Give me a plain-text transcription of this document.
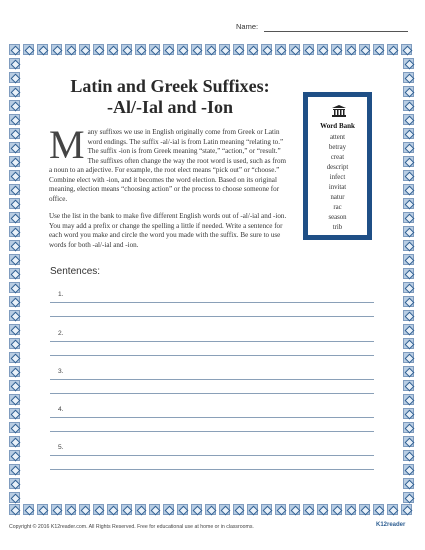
Name:
Latin and Greek Suffixes:
-Al/-Ial and -Ion
M any suffixes we use in English originally come from Greek or Latin word endings. The suffix -al/-ial is from Latin meaning “relating to.” The suffix -ion is from Greek meaning “state,” “action,” or “result.” The suffixes often change the way the root word is used, such as from a noun to an adjective. For example, the root elect means “pick out” or “choose.” Combine elect with -ion, and it becomes the word election. Based on its original meaning, election means “choosing action” or the process to choose someone for office.
Use the list in the bank to make five different English words out of -al/-ial and -ion. You may add a prefix or change the spelling a little if needed. Write a sentence for each word you make and circle the word you made with the suffix. Be sure to use words for both -al/-ial and -ion.
Sentences:
1.
2.
3.
4.
5.
Word Bank
attent
betray
creat
descript
infect
invitat
natur
rac
season
trib
Copyright © 2016 K12reader.com. All Rights Reserved. Free for educational use at home or in classrooms.	K12reader
